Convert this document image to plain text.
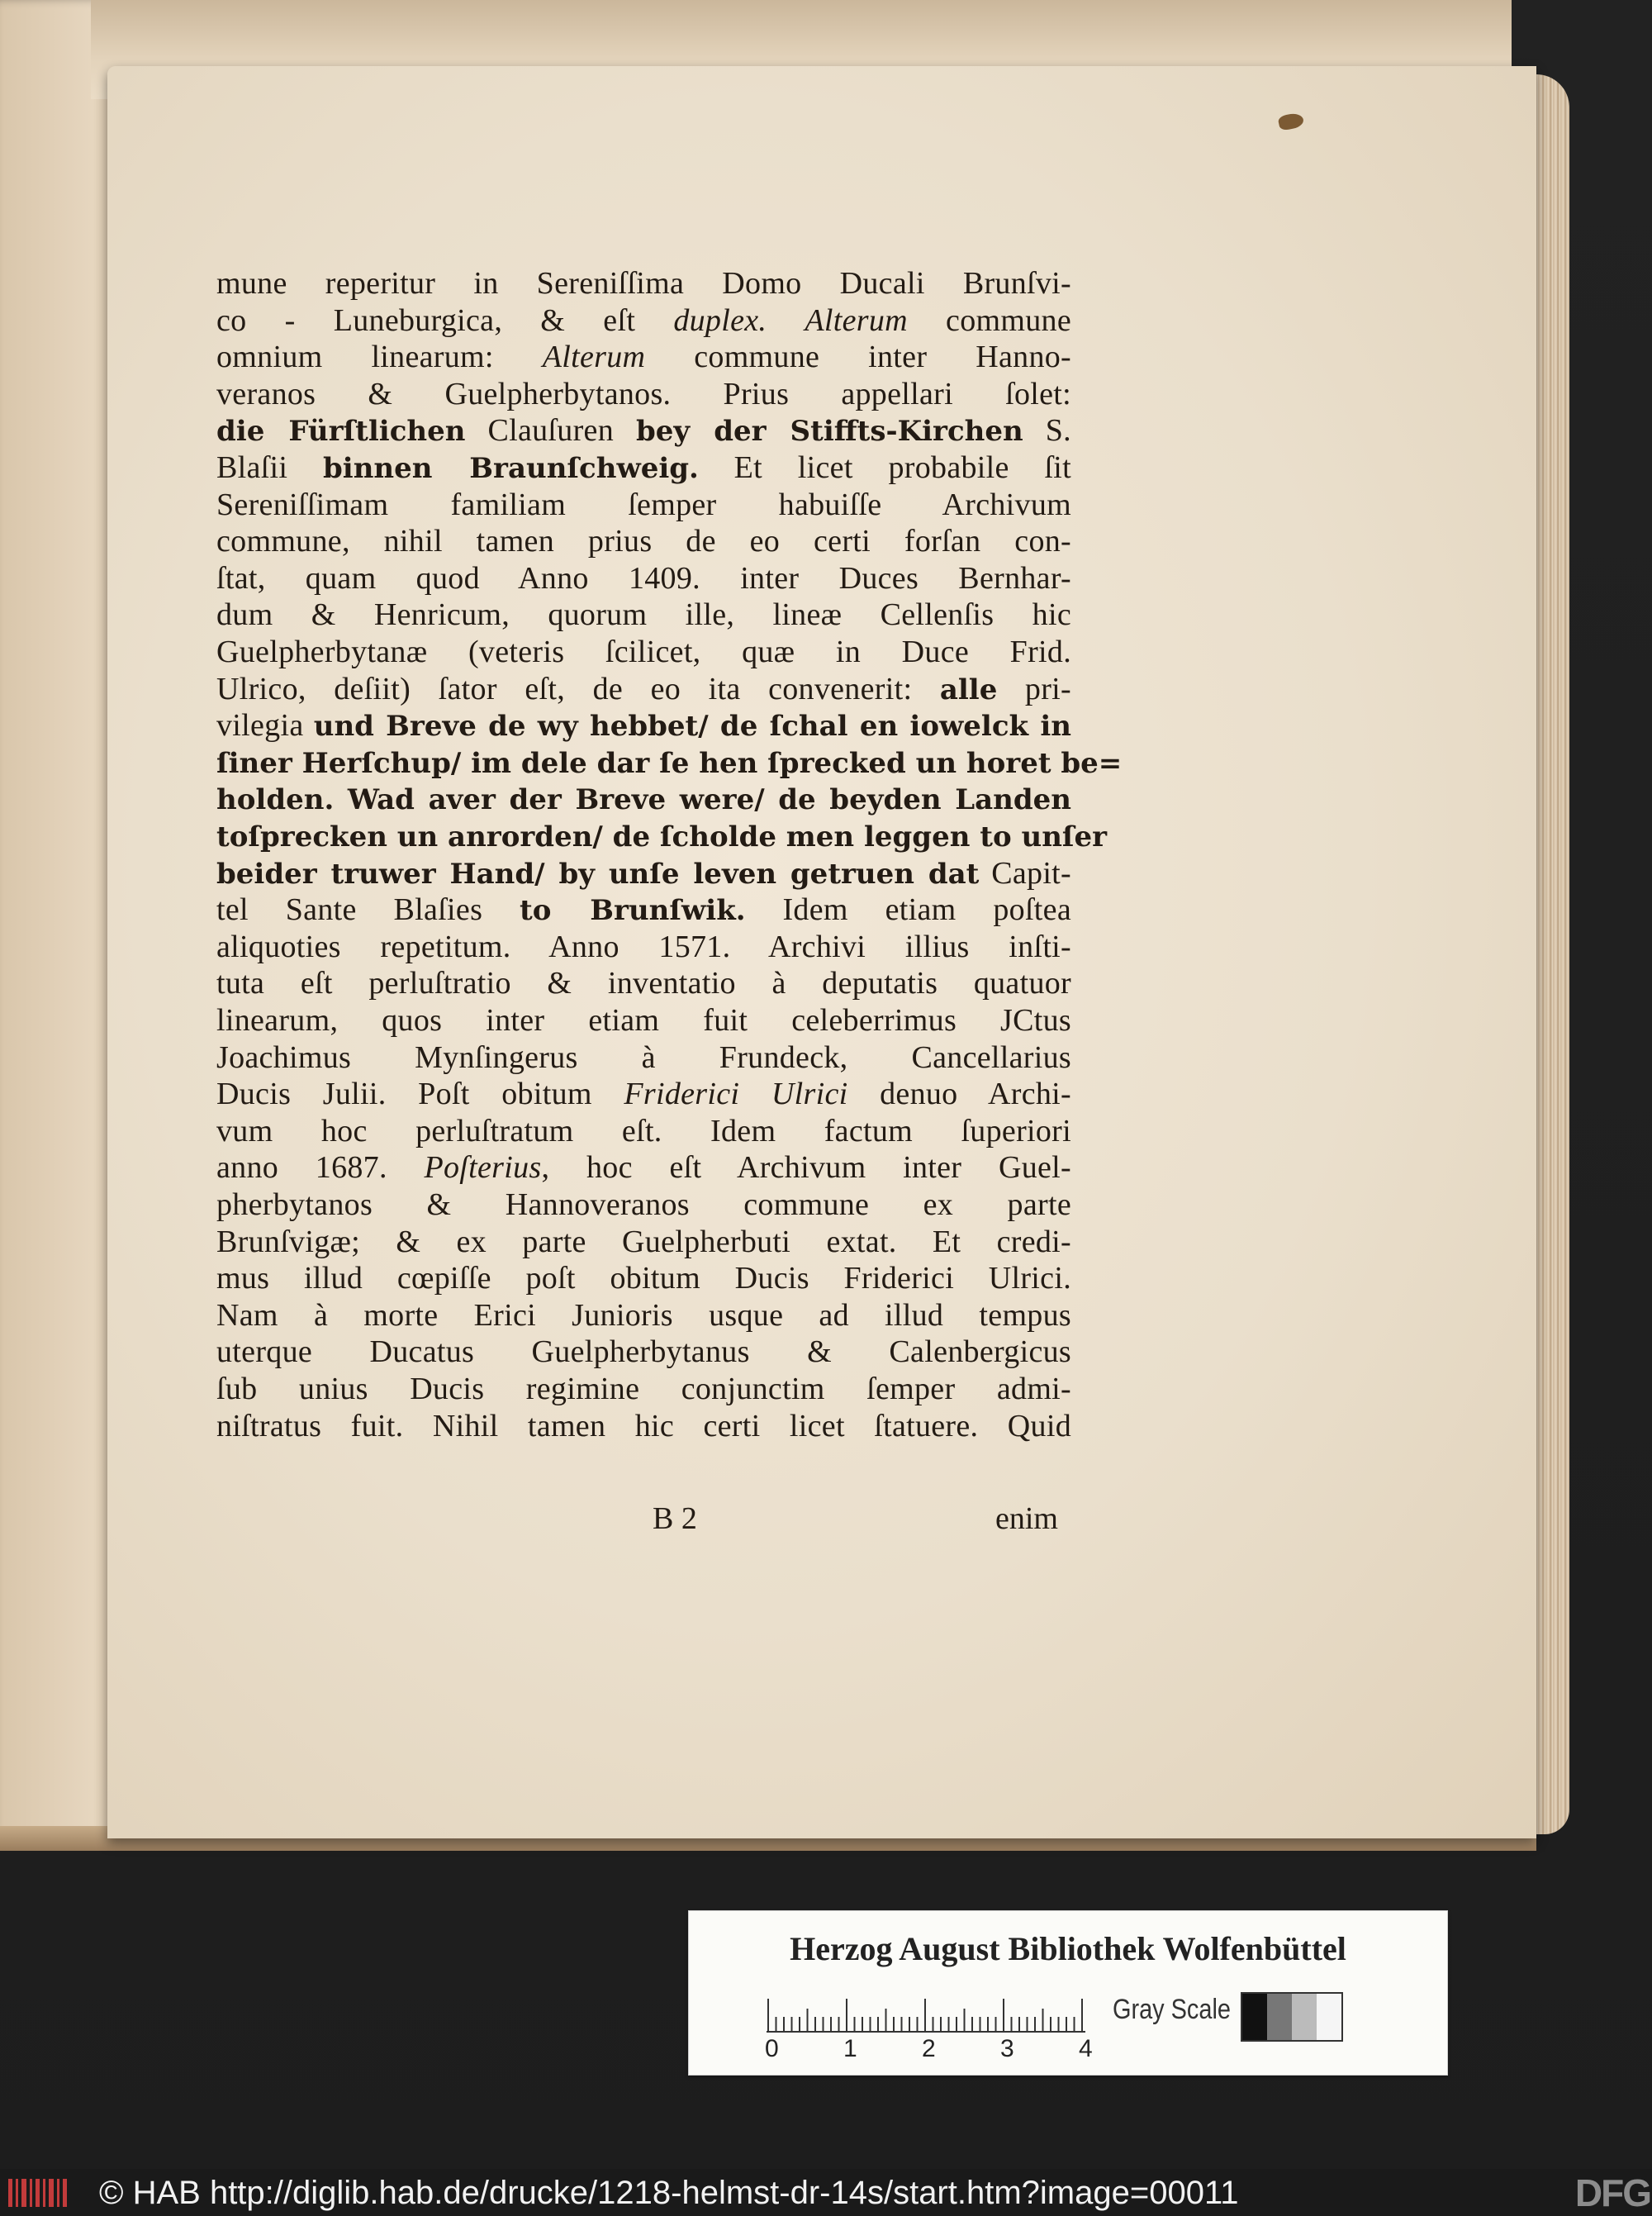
B 2	enim
mune reperitur in Sereniſſima Domo Ducali Brunſvi-
co - Luneburgica, & eſt duplex. Alterum commune
omnium linearum: Alterum commune inter Hanno-
veranos & Guelpherbytanos. Prius appellari ſolet:
die Fürſtlichen Clauſuren bey der Stiffts-Kirchen S.
Blaſii binnen Braunſchweig. Et licet probabile ſit
Sereniſſimam familiam ſemper habuiſſe Archivum
commune, nihil tamen prius de eo certi forſan con-
ſtat, quam quod Anno 1409. inter Duces Bernhar-
dum & Henricum, quorum ille, lineæ Cellenſis hic
Guelpherbytanæ (veteris ſcilicet, quæ in Duce Frid.
Ulrico, deſiit) ſator eſt, de eo ita convenerit: alle pri-
vilegia und Breve de wy hebbet/ de ſchal en iowelck in
ſiner Herſchup/ im dele dar ſe hen ſprecked un horet be=
holden. Wad aver der Breve were/ de beyden Landen
toſprecken un anrorden/ de ſcholde men leggen to unſer
beider truwer Hand/ by unſe leven getruen dat Capit-
tel Sante Blaſies to Brunſwik. Idem etiam poſtea
aliquoties repetitum. Anno 1571. Archivi illius inſti-
tuta eſt perluſtratio & inventatio à deputatis quatuor
linearum, quos inter etiam fuit celeberrimus JCtus
Joachimus Mynſingerus à Frundeck, Cancellarius
Ducis Julii. Poſt obitum Friderici Ulrici denuo Archi-
vum hoc perluſtratum eſt. Idem factum ſuperiori
anno 1687. Poſterius, hoc eſt Archivum inter Guel-
pherbytanos & Hannoveranos commune ex parte
Brunſvigæ; & ex parte Guelpherbuti extat. Et credi-
mus illud cœpiſſe poſt obitum Ducis Friderici Ulrici.
Nam à morte Erici Junioris usque ad illud tempus
uterque Ducatus Guelpherbytanus & Calenbergicus
ſub unius Ducis regimine conjunctim ſemper admi-
niſtratus fuit. Nihil tamen hic certi licet ſtatuere. Quid
Herzog August Bibliothek Wolfenbüttel
0	1	2	3	4
Gray Scale
© HAB http://diglib.hab.de/drucke/1218-helmst-dr-14s/start.htm?image=00011	DFG
